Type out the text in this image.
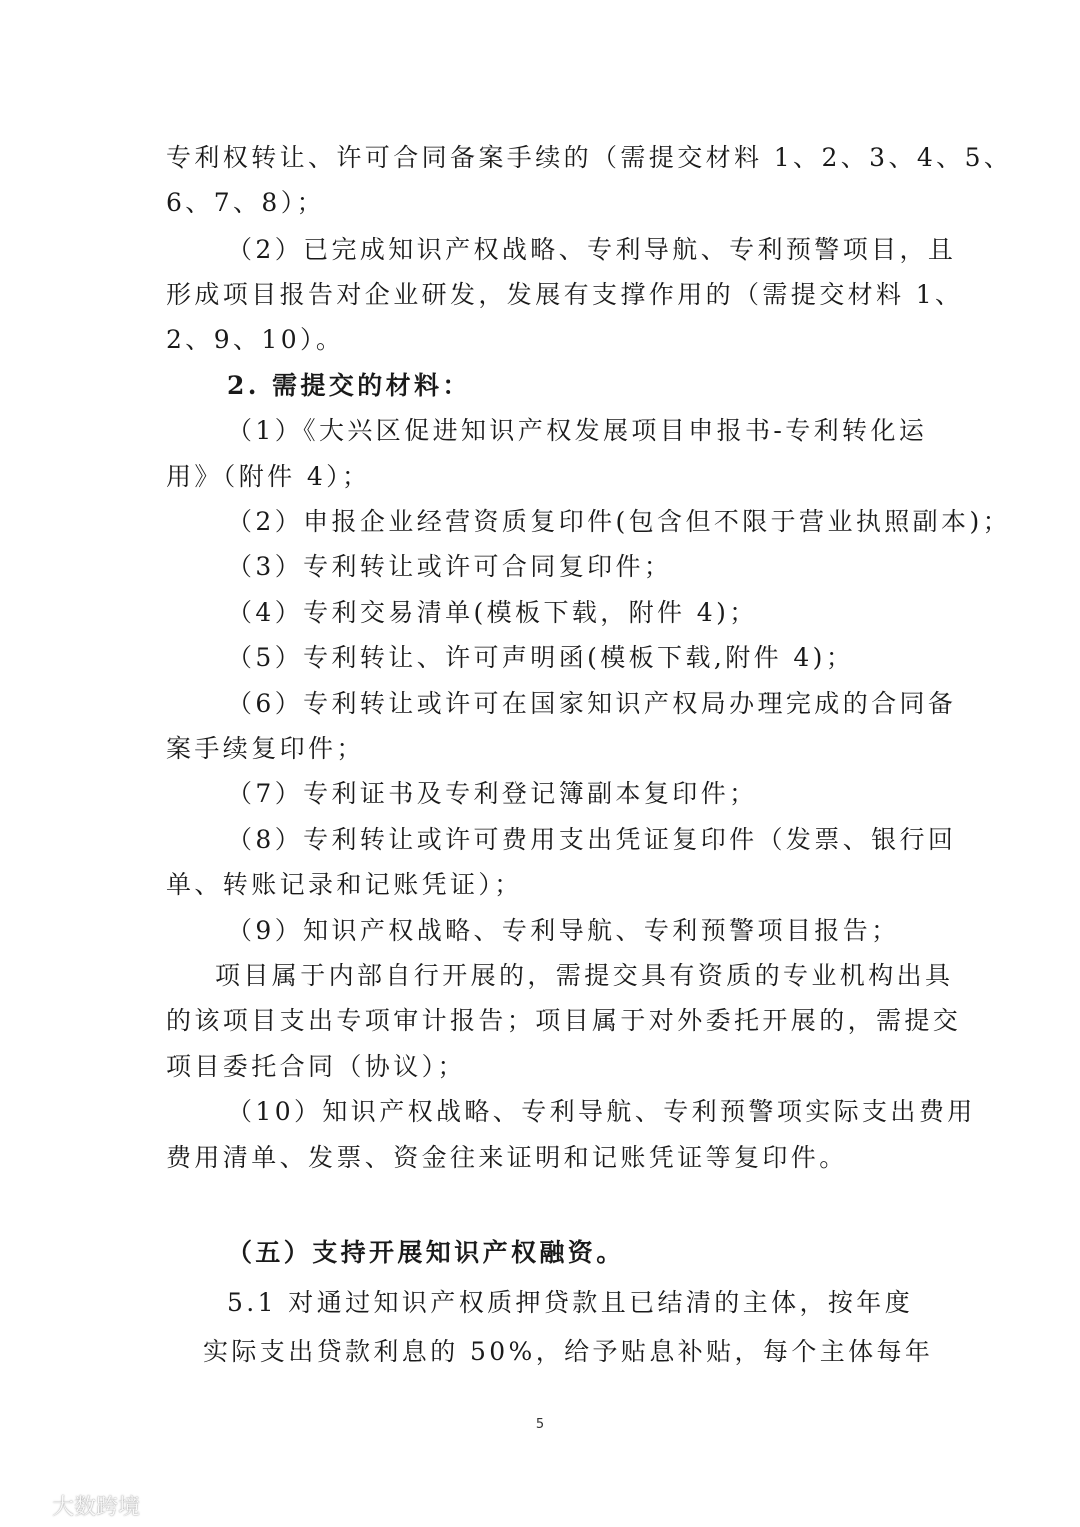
专利权转让、许可合同备案手续的（需提交材料 1、2、3、4、5、
6、7、8）；
（2）已完成知识产权战略、专利导航、专利预警项目，且
形成项目报告对企业研发，发展有支撑作用的（需提交材料 1、
2、9、10）。
2. 需提交的材料：
（1）《大兴区促进知识产权发展项目申报书-专利转化运
用》（附件 4）；
（2）申报企业经营资质复印件(包含但不限于营业执照副本)；
（3）专利转让或许可合同复印件；
（4）专利交易清单(模板下载，附件 4)；
（5）专利转让、许可声明函(模板下载,附件 4)；
（6）专利转让或许可在国家知识产权局办理完成的合同备
案手续复印件；
（7）专利证书及专利登记簿副本复印件；
（8）专利转让或许可费用支出凭证复印件（发票、银行回
单、转账记录和记账凭证）；
（9）知识产权战略、专利导航、专利预警项目报告；
项目属于内部自行开展的，需提交具有资质的专业机构出具
的该项目支出专项审计报告；项目属于对外委托开展的，需提交
项目委托合同（协议）；
（10）知识产权战略、专利导航、专利预警项实际支出费用
费用清单、发票、资金往来证明和记账凭证等复印件。
（五）支持开展知识产权融资。
5.1 对通过知识产权质押贷款且已结清的主体，按年度
实际支出贷款利息的 50%，给予贴息补贴，每个主体每年
5
大数跨境
